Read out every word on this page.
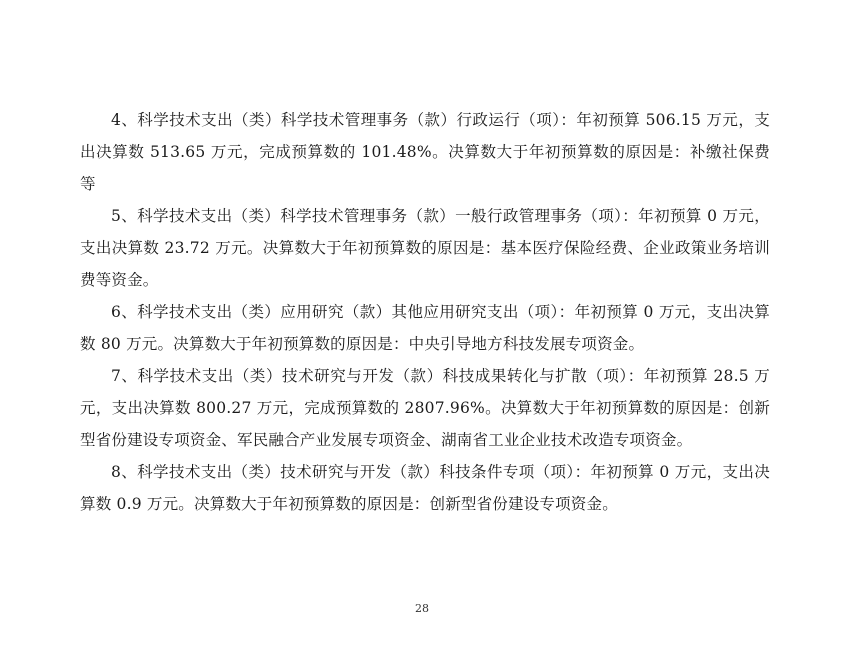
4、科学技术支出（类）科学技术管理事务（款）行政运行（项）：年初预算 506.15 万元，支出决算数 513.65 万元，完成预算数的 101.48%。决算数大于年初预算数的原因是：补缴社保费等

5、科学技术支出（类）科学技术管理事务（款）一般行政管理事务（项）：年初预算 0 万元，支出决算数 23.72 万元。决算数大于年初预算数的原因是：基本医疗保险经费、企业政策业务培训费等资金。

6、科学技术支出（类）应用研究（款）其他应用研究支出（项）：年初预算 0 万元，支出决算数 80 万元。决算数大于年初预算数的原因是：中央引导地方科技发展专项资金。

7、科学技术支出（类）技术研究与开发（款）科技成果转化与扩散（项）：年初预算 28.5 万元，支出决算数 800.27 万元，完成预算数的 2807.96%。决算数大于年初预算数的原因是：创新型省份建设专项资金、军民融合产业发展专项资金、湖南省工业企业技术改造专项资金。

8、科学技术支出（类）技术研究与开发（款）科技条件专项（项）：年初预算 0 万元，支出决算数 0.9 万元。决算数大于年初预算数的原因是：创新型省份建设专项资金。

28
